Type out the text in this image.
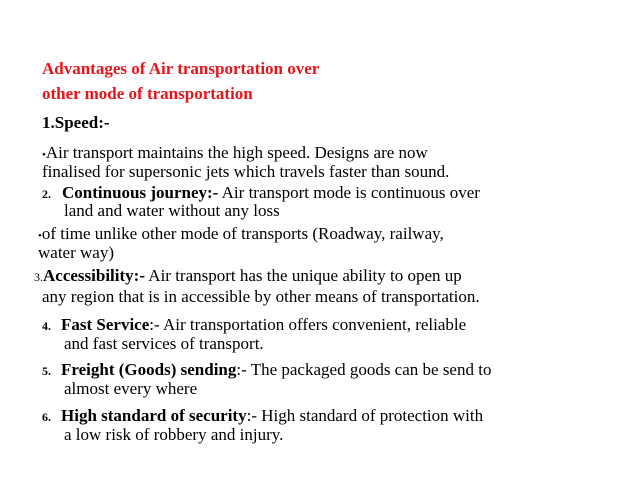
Advantages of Air transportation over
other mode of transportation
1.Speed:-
•Air transport maintains the high speed. Designs are now
finalised for supersonic jets which travels faster than sound.
2. Continuous journey:- Air transport mode is continuous over
land and water without any loss
•of time unlike other mode of transports (Roadway, railway,
water way)
3.Accessibility:- Air transport has the unique ability to open up
any region that is in accessible by other means of transportation.
4. Fast Service:- Air transportation offers convenient, reliable
and fast services of transport.
5. Freight (Goods) sending:- The packaged goods can be send to
almost every where
6. High standard of security:- High standard of protection with
a low risk of robbery and injury.
